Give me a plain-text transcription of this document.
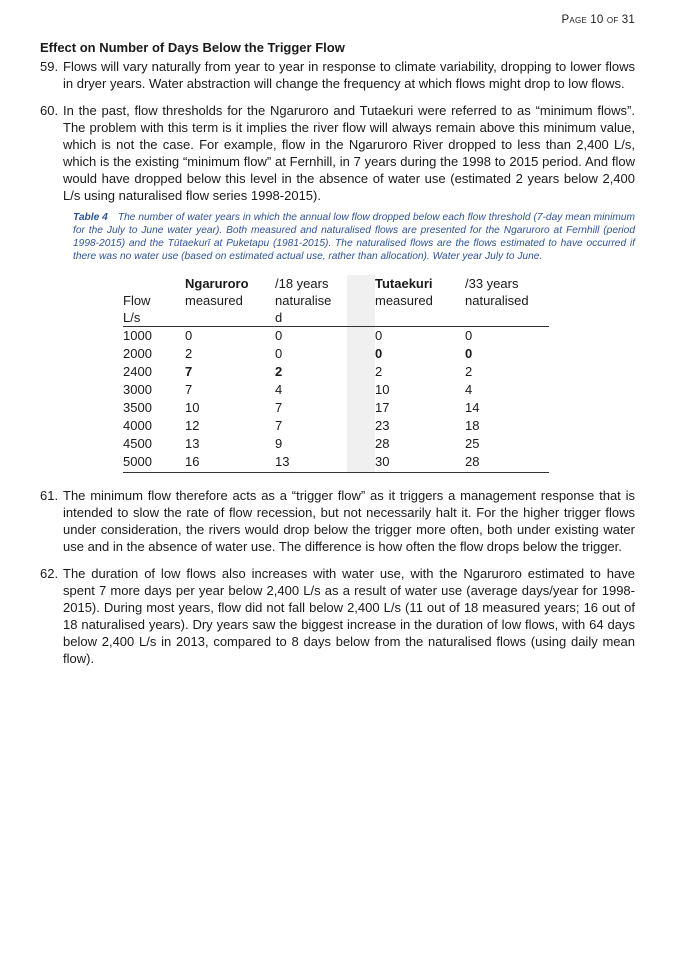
Page 10 of 31
Effect on Number of Days Below the Trigger Flow
59. Flows will vary naturally from year to year in response to climate variability, dropping to lower flows in dryer years. Water abstraction will change the frequency at which flows might drop to low flows.
60. In the past, flow thresholds for the Ngaruroro and Tutaekuri were referred to as “minimum flows”. The problem with this term is it implies the river flow will always remain above this minimum value, which is not the case. For example, flow in the Ngaruroro River dropped to less than 2,400 L/s, which is the existing “minimum flow” at Fernhill, in 7 years during the 1998 to 2015 period. And flow would have dropped below this level in the absence of water use (estimated 2 years below 2,400 L/s using naturalised flow series 1998-2015).
Table 4 The number of water years in which the annual low flow dropped below each flow threshold (7-day mean minimum for the July to June water year). Both measured and naturalised flows are presented for the Ngaruroro at Fernhill (period 1998-2015) and the Tūtaekurī at Puketapu (1981-2015). The naturalised flows are the flows estimated to have occurred if there was no water use (based on estimated actual use, rather than allocation). Water year July to June.
	Ngaruroro	/18 years		Tutaekuri	/33 years
Flow	measured	naturalise		measured	naturalised
L/s		d			
1000	0	0		0	0
2000	2	0		0	0
2400	7	2		2	2
3000	7	4		10	4
3500	10	7		17	14
4000	12	7		23	18
4500	13	9		28	25
5000	16	13		30	28
61. The minimum flow therefore acts as a “trigger flow” as it triggers a management response that is intended to slow the rate of flow recession, but not necessarily halt it. For the higher trigger flows under consideration, the rivers would drop below the trigger more often, both under existing water use and in the absence of water use. The difference is how often the flow drops below the trigger.
62. The duration of low flows also increases with water use, with the Ngaruroro estimated to have spent 7 more days per year below 2,400 L/s as a result of water use (average days/year for 1998-2015). During most years, flow did not fall below 2,400 L/s (11 out of 18 measured years; 16 out of 18 naturalised years). Dry years saw the biggest increase in the duration of low flows, with 64 days below 2,400 L/s in 2013, compared to 8 days below from the naturalised flows (using daily mean flow).
